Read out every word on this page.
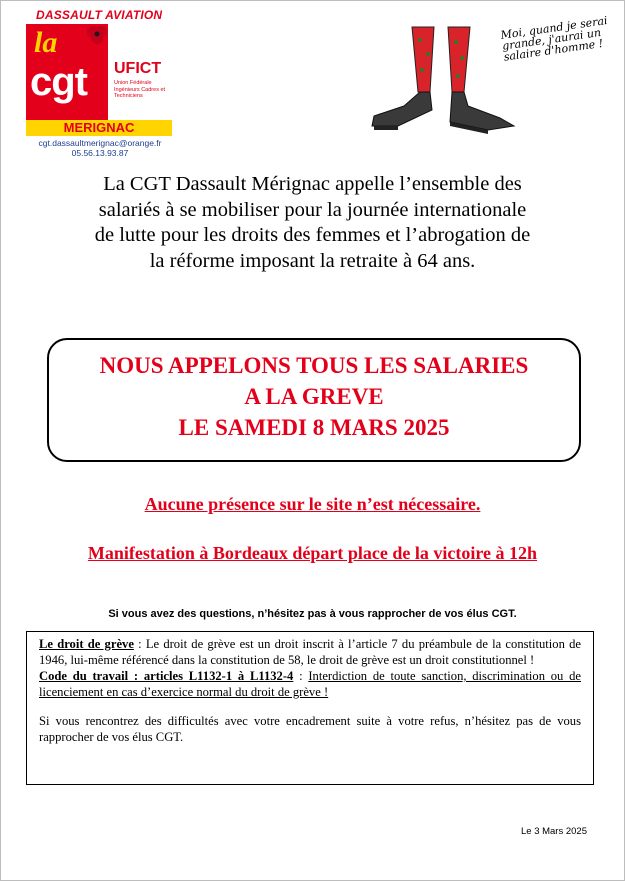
DASSAULT AVIATION
la
cgt UFICT
Union Fédérale Ingénieurs Cadres et Techniciens
MERIGNAC
cgt.dassaultmerignac@orange.fr
05.56.13.93.87
Moi, quand je serai grande, j'aurai un salaire d'homme !
La CGT Dassault Mérignac appelle l’ensemble des
salariés à se mobiliser pour la journée internationale
de lutte pour les droits des femmes et l’abrogation de
la réforme imposant la retraite à 64 ans.
NOUS APPELONS TOUS LES SALARIES
A LA GREVE
LE SAMEDI 8 MARS 2025
Aucune présence sur le site n’est nécessaire.
Manifestation à Bordeaux départ place de la victoire à 12h
Si vous avez des questions, n’hésitez pas à vous rapprocher de vos élus CGT.

Le droit de grève : Le droit de grève est un droit inscrit à l’article 7 du préambule de la constitution de 1946, lui-même référencé dans la constitution de 58, le droit de grève est un droit constitutionnel !

Code du travail : articles L1132-1 à L1132-4 : Interdiction de toute sanction, discrimination ou de licenciement en cas d’exercice normal du droit de grève !

Si vous rencontrez des difficultés avec votre encadrement suite à votre refus, n’hésitez pas de vous rapprocher de vos élus CGT.

Le 3 Mars 2025
